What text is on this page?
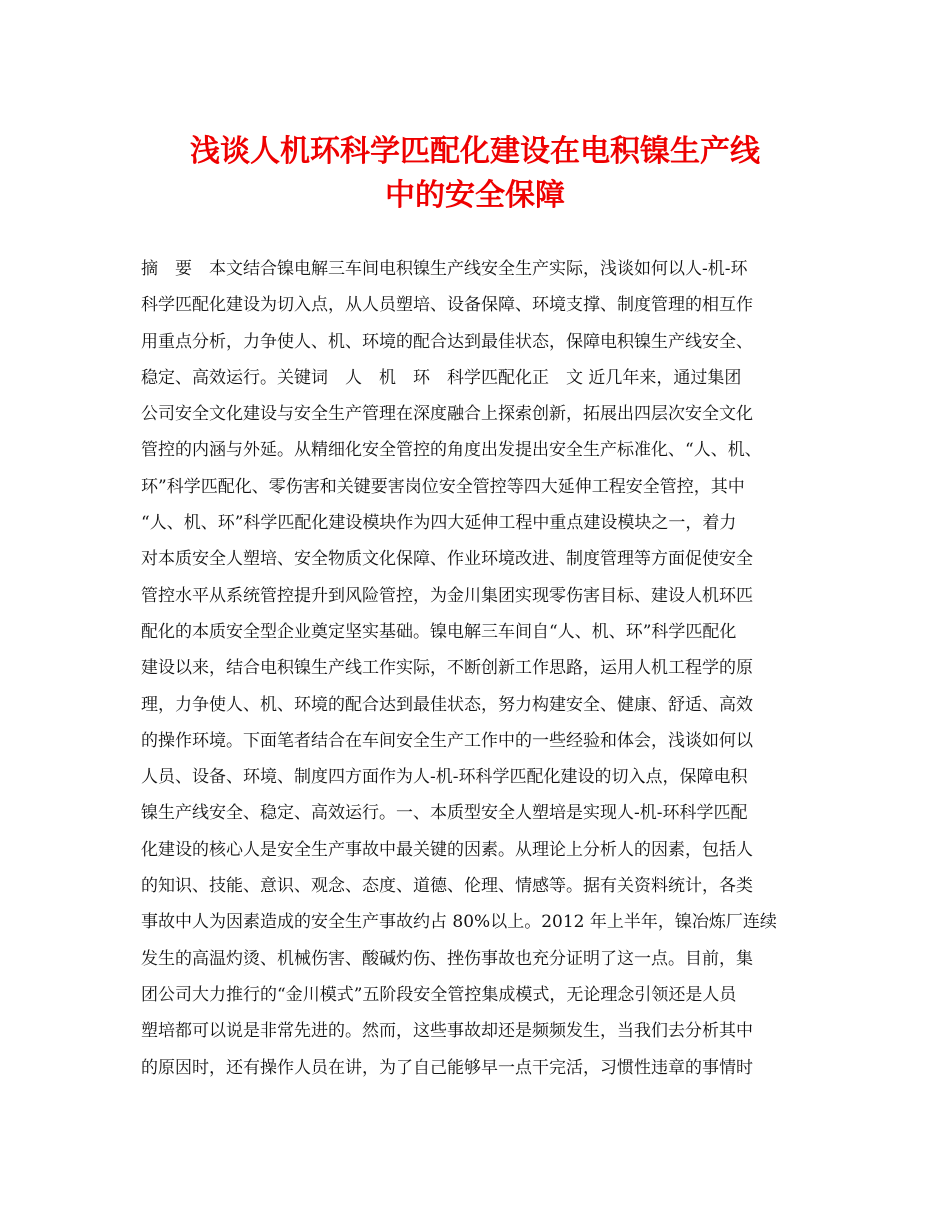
浅谈人机环科学匹配化建设在电积镍生产线
中的安全保障
摘　要　本文结合镍电解三车间电积镍生产线安全生产实际，浅谈如何以人-机-环
科学匹配化建设为切入点，从人员塑培、设备保障、环境支撑、制度管理的相互作
用重点分析，力争使人、机、环境的配合达到最佳状态，保障电积镍生产线安全、
稳定、高效运行。关键词　人　机　环　科学匹配化正　文 近几年来，通过集团
公司安全文化建设与安全生产管理在深度融合上探索创新，拓展出四层次安全文化
管控的内涵与外延。从精细化安全管控的角度出发提出安全生产标准化、“人、机、
环”科学匹配化、零伤害和关键要害岗位安全管控等四大延伸工程安全管控，其中
“人、机、环”科学匹配化建设模块作为四大延伸工程中重点建设模块之一，着力
对本质安全人塑培、安全物质文化保障、作业环境改进、制度管理等方面促使安全
管控水平从系统管控提升到风险管控，为金川集团实现零伤害目标、建设人机环匹
配化的本质安全型企业奠定坚实基础。镍电解三车间自“人、机、环”科学匹配化
建设以来，结合电积镍生产线工作实际，不断创新工作思路，运用人机工程学的原
理，力争使人、机、环境的配合达到最佳状态，努力构建安全、健康、舒适、高效
的操作环境。下面笔者结合在车间安全生产工作中的一些经验和体会，浅谈如何以
人员、设备、环境、制度四方面作为人-机-环科学匹配化建设的切入点，保障电积
镍生产线安全、稳定、高效运行。一、本质型安全人塑培是实现人-机-环科学匹配
化建设的核心人是安全生产事故中最关键的因素。从理论上分析人的因素，包括人
的知识、技能、意识、观念、态度、道德、伦理、情感等。据有关资料统计，各类
事故中人为因素造成的安全生产事故约占 80%以上。2012 年上半年，镍冶炼厂连续
发生的高温灼烫、机械伤害、酸碱灼伤、挫伤事故也充分证明了这一点。目前，集
团公司大力推行的“金川模式”五阶段安全管控集成模式，无论理念引领还是人员
塑培都可以说是非常先进的。然而，这些事故却还是频频发生，当我们去分析其中
的原因时，还有操作人员在讲，为了自己能够早一点干完活，习惯性违章的事情时
